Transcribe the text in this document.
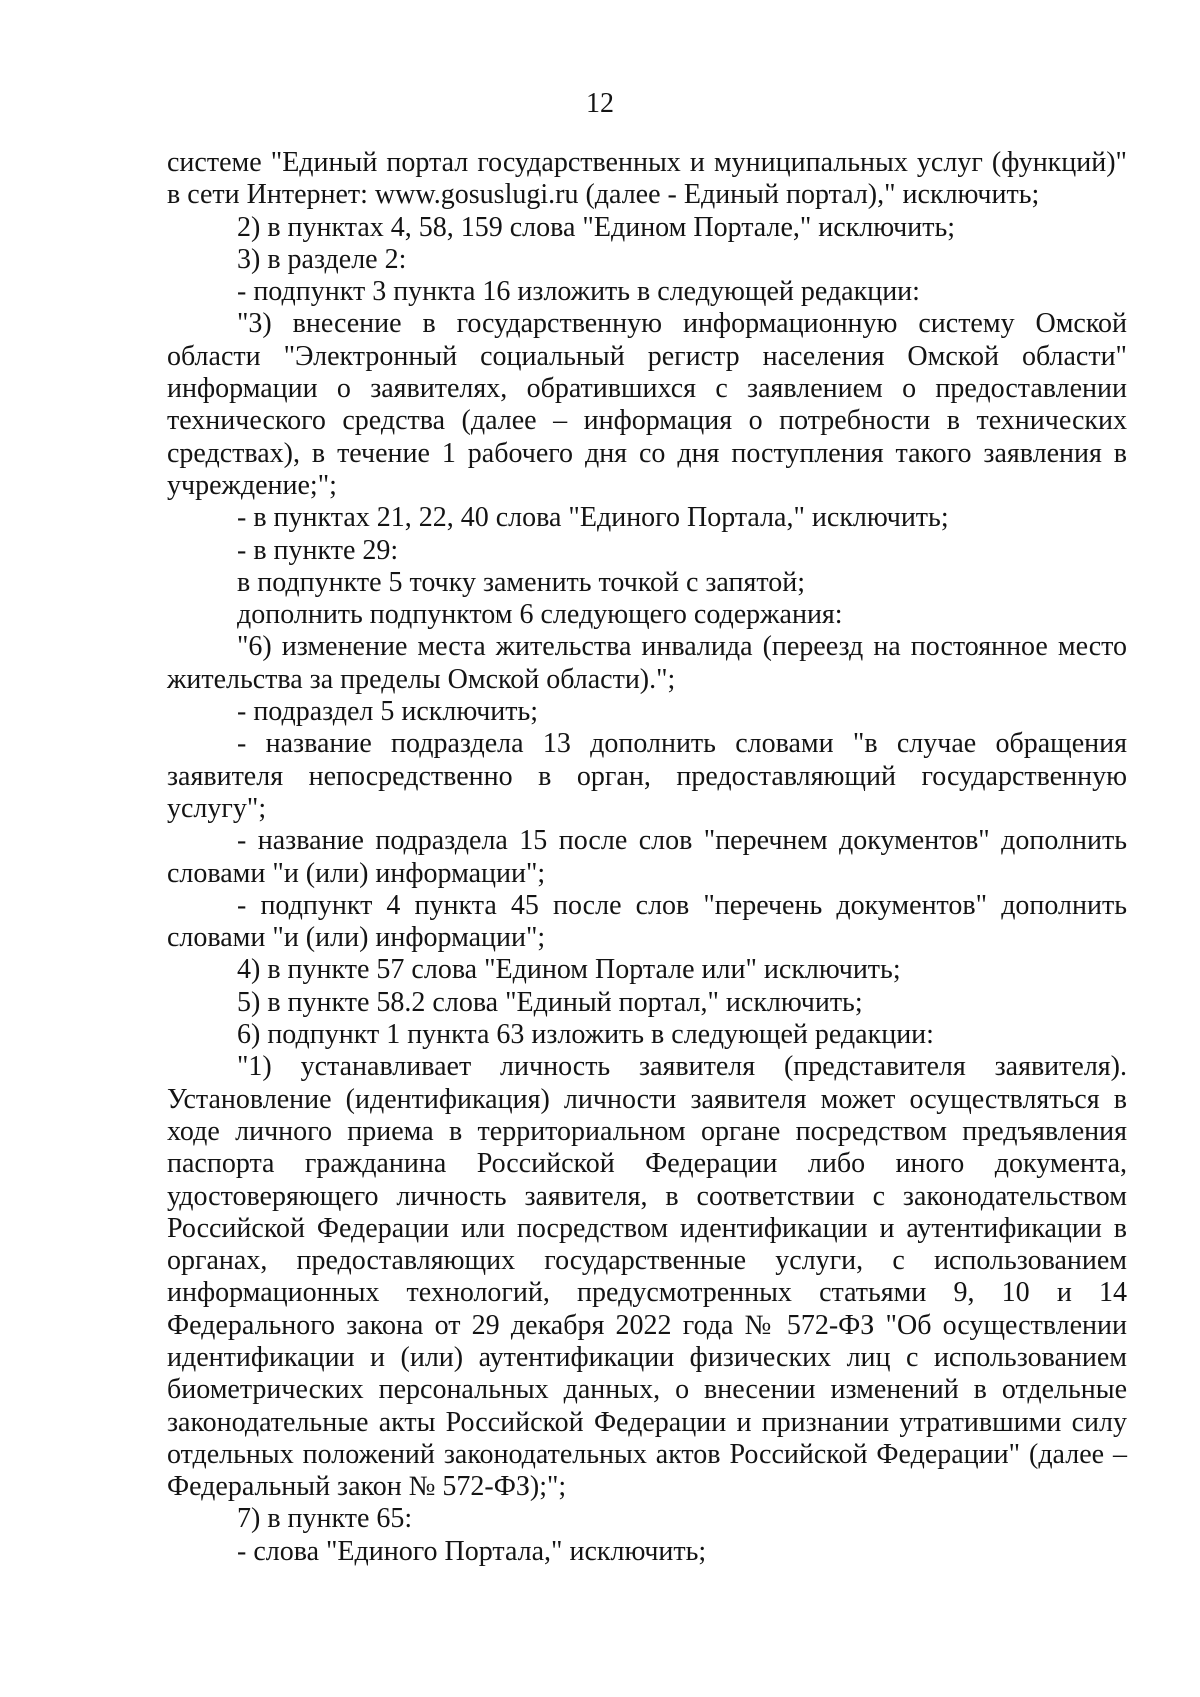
12

системе "Единый портал государственных и муниципальных услуг (функций)" в сети Интернет: www.gosuslugi.ru (далее - Единый портал)," исключить;

2) в пунктах 4, 58, 159 слова "Едином Портале," исключить;

3) в разделе 2:

- подпункт 3 пункта 16 изложить в следующей редакции:

"3) внесение в государственную информационную систему Омской области "Электронный социальный регистр населения Омской области" информации о заявителях, обратившихся с заявлением о предоставлении технического средства (далее – информация о потребности в технических средствах), в течение 1 рабочего дня со дня поступления такого заявления в учреждение;";

- в пунктах 21, 22, 40 слова "Единого Портала," исключить;

- в пункте 29:

в подпункте 5 точку заменить точкой с запятой;

дополнить подпунктом 6 следующего содержания:

"6) изменение места жительства инвалида (переезд на постоянное место жительства за пределы Омской области).";

- подраздел 5 исключить;

- название подраздела 13 дополнить словами "в случае обращения заявителя непосредственно в орган, предоставляющий государственную услугу";

- название подраздела 15 после слов "перечнем документов" дополнить словами "и (или) информации";

- подпункт 4 пункта 45 после слов "перечень документов" дополнить словами "и (или) информации";

4) в пункте 57 слова "Едином Портале или" исключить;

5) в пункте 58.2 слова "Единый портал," исключить;

6) подпункт 1 пункта 63 изложить в следующей редакции:

"1) устанавливает личность заявителя (представителя заявителя). Установление (идентификация) личности заявителя может осуществляться в ходе личного приема в территориальном органе посредством предъявления паспорта гражданина Российской Федерации либо иного документа, удостоверяющего личность заявителя, в соответствии с законодательством Российской Федерации или посредством идентификации и аутентификации в органах, предоставляющих государственные услуги, с использованием информационных технологий, предусмотренных статьями 9, 10 и 14 Федерального закона от 29 декабря 2022 года № 572-ФЗ "Об осуществлении идентификации и (или) аутентификации физических лиц с использованием биометрических персональных данных, о внесении изменений в отдельные законодательные акты Российской Федерации и признании утратившими силу отдельных положений законодательных актов Российской Федерации" (далее – Федеральный закон № 572-ФЗ);";

7) в пункте 65:

- слова "Единого Портала," исключить;
